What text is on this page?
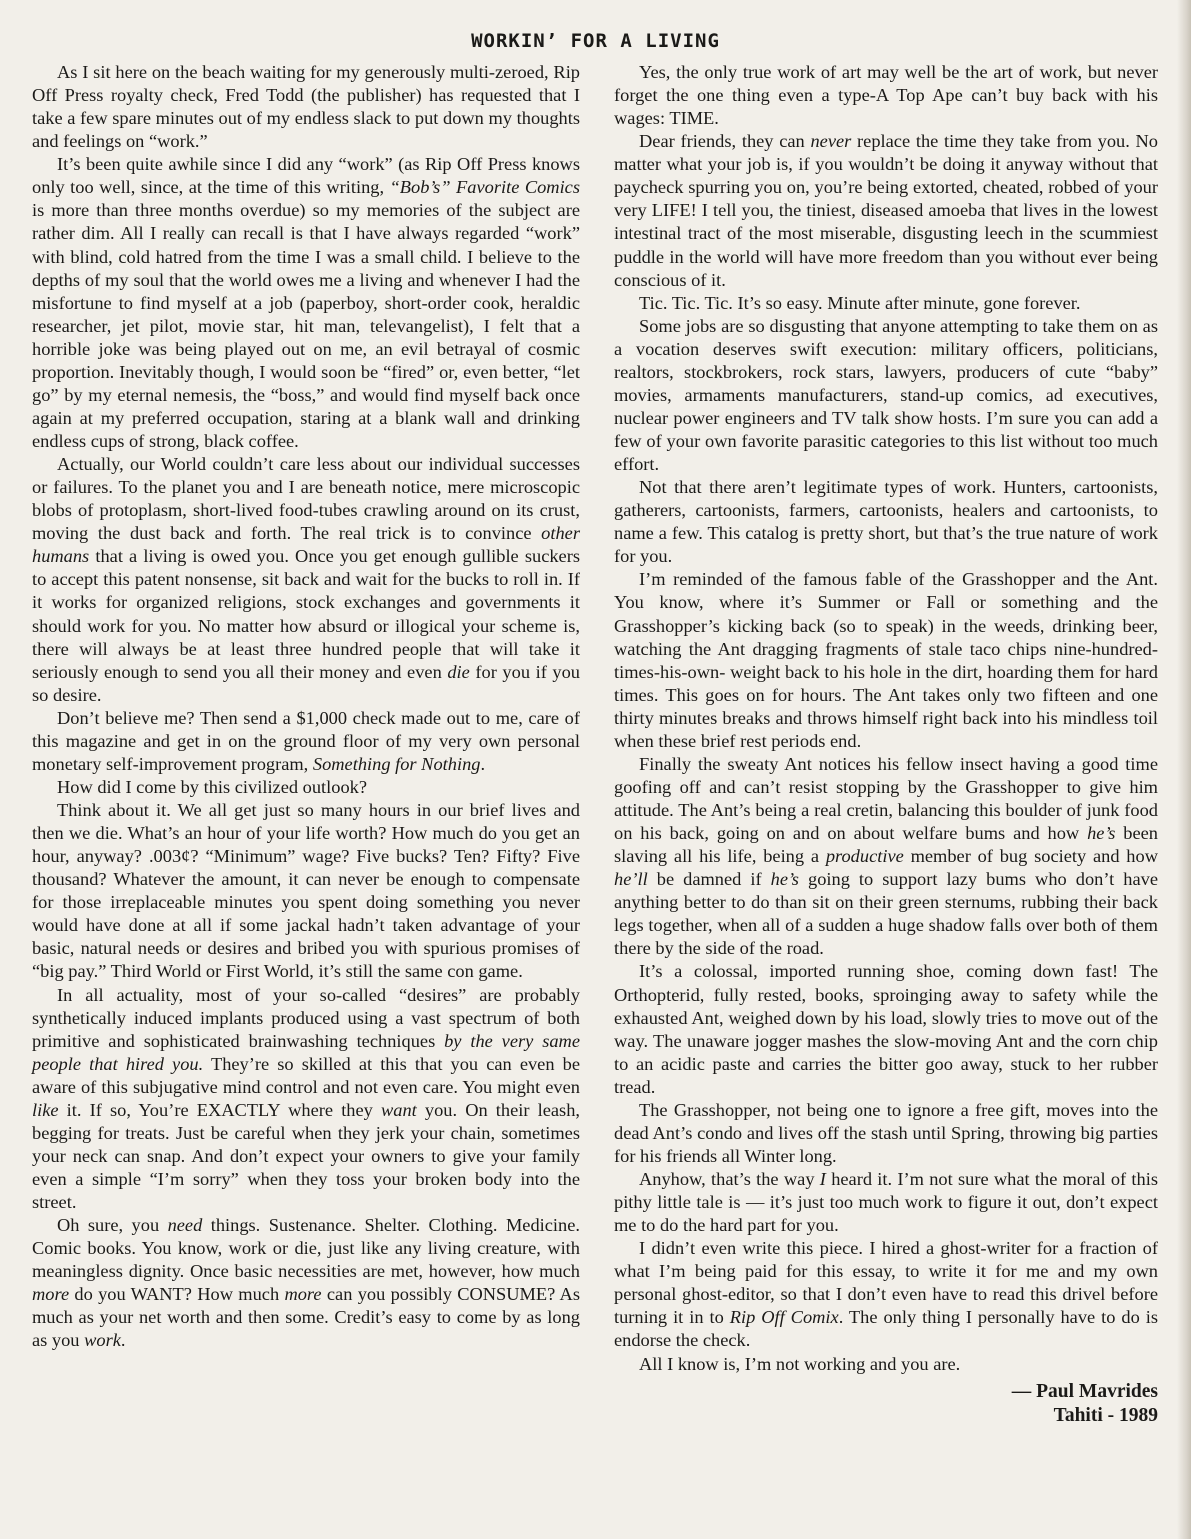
WORKIN’ FOR A LIVING

As I sit here on the beach waiting for my generously multi-zeroed, Rip Off Press royalty check, Fred Todd (the publisher) has requested that I take a few spare minutes out of my endless slack to put down my thoughts and feelings on “work.”

It’s been quite awhile since I did any “work” (as Rip Off Press knows only too well, since, at the time of this writing, “Bob’s” Favorite Comics is more than three months overdue) so my memories of the subject are rather dim. All I really can recall is that I have always regarded “work” with blind, cold hatred from the time I was a small child. I believe to the depths of my soul that the world owes me a living and whenever I had the misfortune to find myself at a job (paperboy, short-order cook, heraldic researcher, jet pilot, movie star, hit man, televangelist), I felt that a horrible joke was being played out on me, an evil betrayal of cosmic proportion. Inevitably though, I would soon be “fired” or, even better, “let go” by my eternal nemesis, the “boss,” and would find myself back once again at my preferred occupation, staring at a blank wall and drinking endless cups of strong, black coffee.

Actually, our World couldn’t care less about our individual successes or failures. To the planet you and I are beneath notice, mere microscopic blobs of protoplasm, short-lived food-tubes crawling around on its crust, moving the dust back and forth. The real trick is to convince other humans that a living is owed you. Once you get enough gullible suckers to accept this patent nonsense, sit back and wait for the bucks to roll in. If it works for organized religions, stock exchanges and governments it should work for you. No matter how absurd or illogical your scheme is, there will always be at least three hundred people that will take it seriously enough to send you all their money and even die for you if you so desire.

Don’t believe me? Then send a $1,000 check made out to me, care of this magazine and get in on the ground floor of my very own personal monetary self-improvement program, Something for Nothing.

How did I come by this civilized outlook?

Think about it. We all get just so many hours in our brief lives and then we die. What’s an hour of your life worth? How much do you get an hour, anyway? .003¢? “Minimum” wage? Five bucks? Ten? Fifty? Five thousand? Whatever the amount, it can never be enough to compensate for those irreplaceable minutes you spent doing something you never would have done at all if some jackal hadn’t taken advantage of your basic, natural needs or desires and bribed you with spurious promises of “big pay.” Third World or First World, it’s still the same con game.

In all actuality, most of your so-called “desires” are probably synthetically induced implants produced using a vast spectrum of both primitive and sophisticated brainwashing techniques by the very same people that hired you. They’re so skilled at this that you can even be aware of this subjugative mind control and not even care. You might even like it. If so, You’re EXACTLY where they want you. On their leash, begging for treats. Just be careful when they jerk your chain, sometimes your neck can snap. And don’t expect your owners to give your family even a simple “I’m sorry” when they toss your broken body into the street.

Oh sure, you need things. Sustenance. Shelter. Clothing. Medicine. Comic books. You know, work or die, just like any living creature, with meaningless dignity. Once basic necessities are met, however, how much more do you WANT? How much more can you possibly CONSUME? As much as your net worth and then some. Credit’s easy to come by as long as you work.

Yes, the only true work of art may well be the art of work, but never forget the one thing even a type-A Top Ape can’t buy back with his wages: TIME.

Dear friends, they can never replace the time they take from you. No matter what your job is, if you wouldn’t be doing it anyway without that paycheck spurring you on, you’re being extorted, cheated, robbed of your very LIFE! I tell you, the tiniest, diseased amoeba that lives in the lowest intestinal tract of the most miserable, disgusting leech in the scummiest puddle in the world will have more freedom than you without ever being conscious of it.

Tic. Tic. Tic. It’s so easy. Minute after minute, gone forever.

Some jobs are so disgusting that anyone attempting to take them on as a vocation deserves swift execution: military officers, politicians, realtors, stockbrokers, rock stars, lawyers, producers of cute “baby” movies, armaments manufacturers, stand-up comics, ad executives, nuclear power engineers and TV talk show hosts. I’m sure you can add a few of your own favorite parasitic categories to this list without too much effort.

Not that there aren’t legitimate types of work. Hunters, cartoonists, gatherers, cartoonists, farmers, cartoonists, healers and cartoonists, to name a few. This catalog is pretty short, but that’s the true nature of work for you.

I’m reminded of the famous fable of the Grasshopper and the Ant. You know, where it’s Summer or Fall or something and the Grasshopper’s kicking back (so to speak) in the weeds, drinking beer, watching the Ant dragging fragments of stale taco chips nine-hundred-times-his-own- weight back to his hole in the dirt, hoarding them for hard times. This goes on for hours. The Ant takes only two fifteen and one thirty minutes breaks and throws himself right back into his mindless toil when these brief rest periods end.

Finally the sweaty Ant notices his fellow insect having a good time goofing off and can’t resist stopping by the Grasshopper to give him attitude. The Ant’s being a real cretin, balancing this boulder of junk food on his back, going on and on about welfare bums and how he’s been slaving all his life, being a productive member of bug society and how he’ll be damned if he’s going to support lazy bums who don’t have anything better to do than sit on their green sternums, rubbing their back legs together, when all of a sudden a huge shadow falls over both of them there by the side of the road.

It’s a colossal, imported running shoe, coming down fast! The Orthopterid, fully rested, books, sproinging away to safety while the exhausted Ant, weighed down by his load, slowly tries to move out of the way. The unaware jogger mashes the slow-moving Ant and the corn chip to an acidic paste and carries the bitter goo away, stuck to her rubber tread.

The Grasshopper, not being one to ignore a free gift, moves into the dead Ant’s condo and lives off the stash until Spring, throwing big parties for his friends all Winter long.

Anyhow, that’s the way I heard it. I’m not sure what the moral of this pithy little tale is — it’s just too much work to figure it out, don’t expect me to do the hard part for you.

I didn’t even write this piece. I hired a ghost-writer for a fraction of what I’m being paid for this essay, to write it for me and my own personal ghost-editor, so that I don’t even have to read this drivel before turning it in to Rip Off Comix. The only thing I personally have to do is endorse the check.

All I know is, I’m not working and you are.

— Paul Mavrides
Tahiti - 1989
